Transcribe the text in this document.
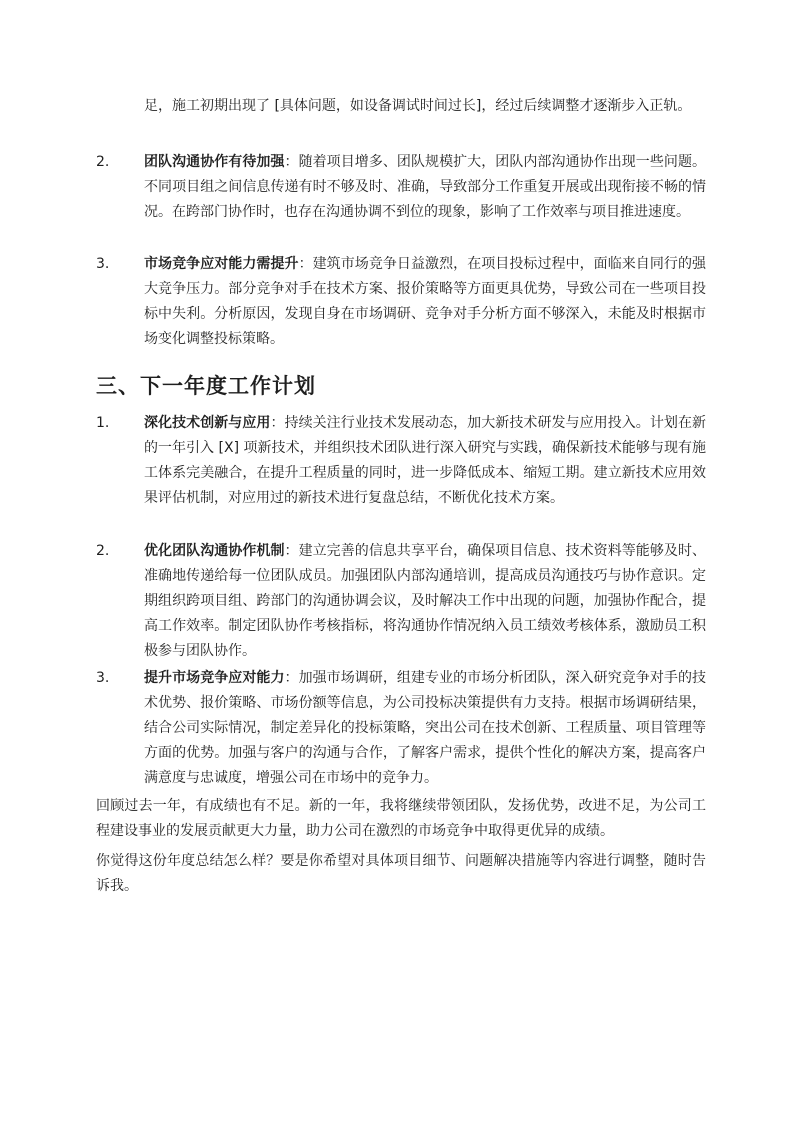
足，施工初期出现了 [具体问题，如设备调试时间过长]，经过后续调整才逐渐步入正轨。
2. 团队沟通协作有待加强：随着项目增多、团队规模扩大，团队内部沟通协作出现一些问题。不同项目组之间信息传递有时不够及时、准确，导致部分工作重复开展或出现衔接不畅的情况。在跨部门协作时，也存在沟通协调不到位的现象，影响了工作效率与项目推进速度。
3. 市场竞争应对能力需提升：建筑市场竞争日益激烈，在项目投标过程中，面临来自同行的强大竞争压力。部分竞争对手在技术方案、报价策略等方面更具优势，导致公司在一些项目投标中失利。分析原因，发现自身在市场调研、竞争对手分析方面不够深入，未能及时根据市场变化调整投标策略。
三、下一年度工作计划
1. 深化技术创新与应用：持续关注行业技术发展动态，加大新技术研发与应用投入。计划在新的一年引入 [X] 项新技术，并组织技术团队进行深入研究与实践，确保新技术能够与现有施工体系完美融合，在提升工程质量的同时，进一步降低成本、缩短工期。建立新技术应用效果评估机制，对应用过的新技术进行复盘总结，不断优化技术方案。
2. 优化团队沟通协作机制：建立完善的信息共享平台，确保项目信息、技术资料等能够及时、准确地传递给每一位团队成员。加强团队内部沟通培训，提高成员沟通技巧与协作意识。定期组织跨项目组、跨部门的沟通协调会议，及时解决工作中出现的问题，加强协作配合，提高工作效率。制定团队协作考核指标，将沟通协作情况纳入员工绩效考核体系，激励员工积极参与团队协作。
3. 提升市场竞争应对能力：加强市场调研，组建专业的市场分析团队，深入研究竞争对手的技术优势、报价策略、市场份额等信息，为公司投标决策提供有力支持。根据市场调研结果，结合公司实际情况，制定差异化的投标策略，突出公司在技术创新、工程质量、项目管理等方面的优势。加强与客户的沟通与合作，了解客户需求，提供个性化的解决方案，提高客户满意度与忠诚度，增强公司在市场中的竞争力。
回顾过去一年，有成绩也有不足。新的一年，我将继续带领团队，发扬优势，改进不足，为公司工程建设事业的发展贡献更大力量，助力公司在激烈的市场竞争中取得更优异的成绩。
你觉得这份年度总结怎么样？要是你希望对具体项目细节、问题解决措施等内容进行调整，随时告诉我。
